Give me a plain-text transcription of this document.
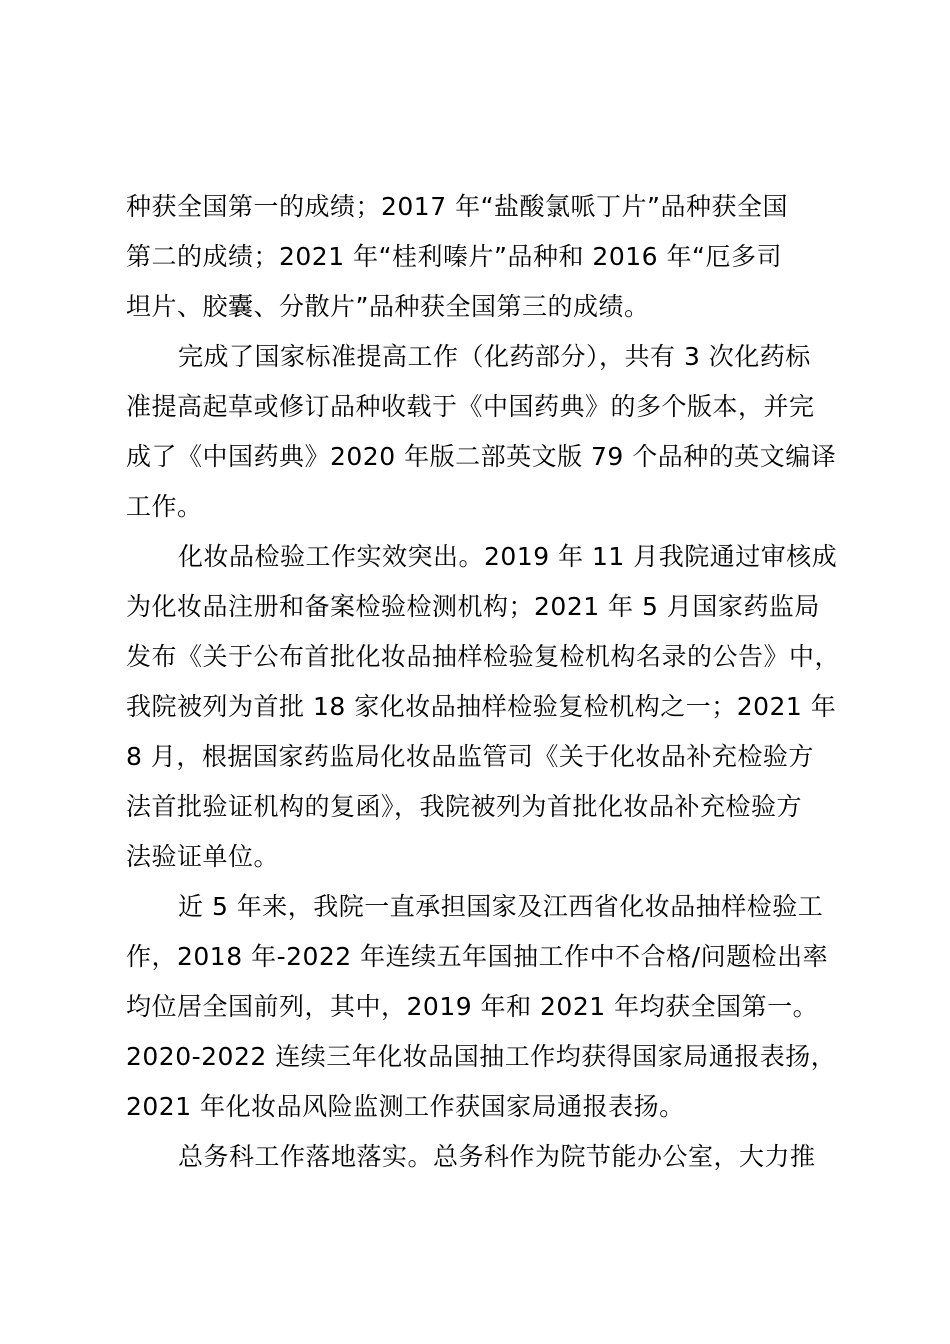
种获全国第一的成绩；2017 年“盐酸氯哌丁片”品种获全国
第二的成绩；2021 年“桂利嗪片”品种和 2016 年“厄多司
坦片、胶囊、分散片”品种获全国第三的成绩。
完成了国家标准提高工作（化药部分），共有 3 次化药标
准提高起草或修订品种收载于《中国药典》的多个版本，并完
成了《中国药典》2020 年版二部英文版 79 个品种的英文编译
工作。
化妆品检验工作实效突出。2019 年 11 月我院通过审核成
为化妆品注册和备案检验检测机构；2021 年 5 月国家药监局
发布《关于公布首批化妆品抽样检验复检机构名录的公告》中，
我院被列为首批 18 家化妆品抽样检验复检机构之一；2021 年
8 月，根据国家药监局化妆品监管司《关于化妆品补充检验方
法首批验证机构的复函》，我院被列为首批化妆品补充检验方
法验证单位。
近 5 年来，我院一直承担国家及江西省化妆品抽样检验工
作，2018 年-2022 年连续五年国抽工作中不合格/问题检出率
均位居全国前列，其中，2019 年和 2021 年均获全国第一。
2020-2022 连续三年化妆品国抽工作均获得国家局通报表扬，
2021 年化妆品风险监测工作获国家局通报表扬。
总务科工作落地落实。总务科作为院节能办公室，大力推
